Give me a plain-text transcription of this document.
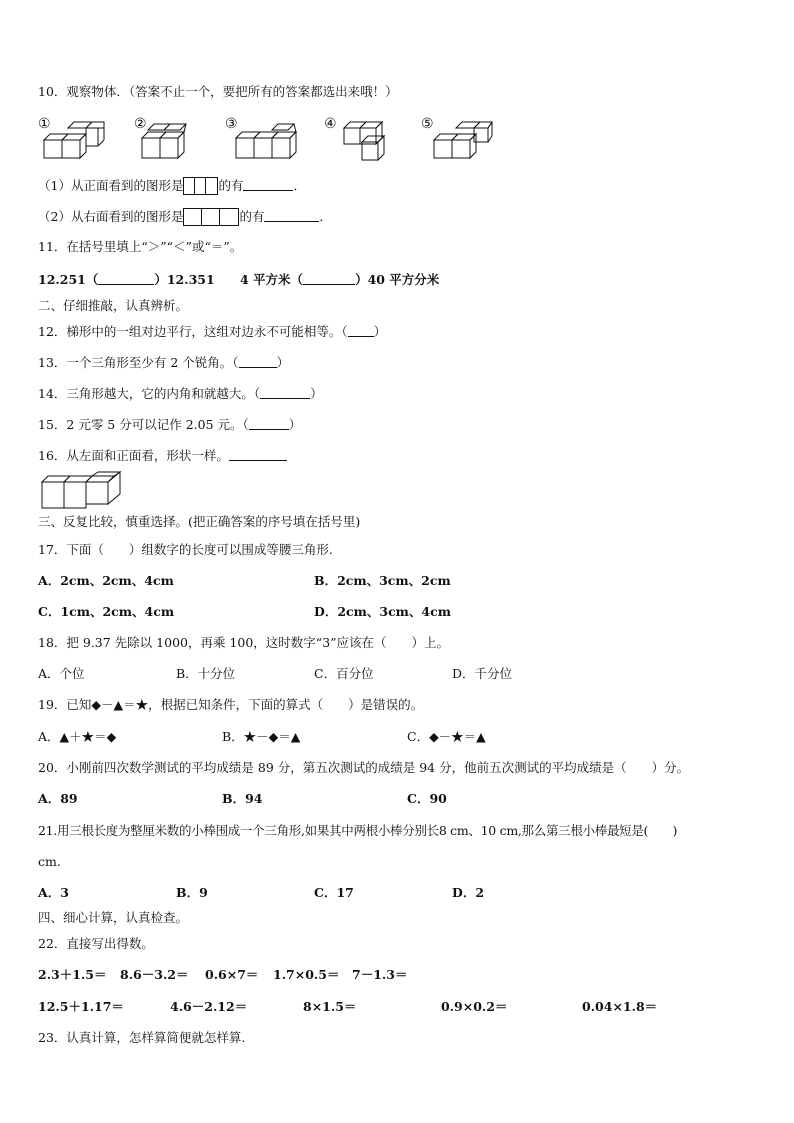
10．观察物体．（答案不止一个，要把所有的答案都选出来哦！）
①	②	③	④	⑤
（1）从正面看到的图形是	的有	．
（2）从右面看到的图形是	的有	．
11．在括号里填上“＞”“＜”或“＝”。
12.251（	）12.351 4 平方米（	）40 平方分米
二、仔细推敲，认真辨析。
12．梯形中的一组对边平行，这组对边永不可能相等。（ ）
13．一个三角形至少有 2 个锐角。（	）
14．三角形越大，它的内角和就越大。（	）
15．2 元零 5 分可以记作 2.05 元。（	）
16．从左面和正面看，形状一样。
三、反复比较，慎重选择。(把正确答案的序号填在括号里)
17．下面（　　）组数字的长度可以围成等腰三角形.
A．2cm、2cm、4cm	B．2cm、3cm、2cm
C．1cm、2cm、4cm	D．2cm、3cm、4cm
18．把 9.37 先除以 1000，再乘 100，这时数字“3”应该在（　　）上。
A．个位	B．十分位	C．百分位	D．千分位
19．已知◆－▲＝★，根据已知条件，下面的算式（　　）是错误的。
A．▲＋★＝◆	B．★－◆＝▲	C．◆－★＝▲
20．小刚前四次数学测试的平均成绩是 89 分，第五次测试的成绩是 94 分，他前五次测试的平均成绩是（　　）分。
A．89	B．94	C．90
21.用三根长度为整厘米数的小棒围成一个三角形,如果其中两根小棒分别长8 cm、10 cm,那么第三根小棒最短是(　　)
cm.
A．3	B．9	C．17	D．2
四、细心计算，认真检查。
22．直接写出得数。
2.3＋1.5＝ 8.6－3.2＝ 0.6×7＝ 1.7×0.5＝ 7－1.3＝
12.5＋1.17＝	4.6－2.12＝	8×1.5＝	0.9×0.2＝	0.04×1.8＝
23．认真计算，怎样算简便就怎样算.
